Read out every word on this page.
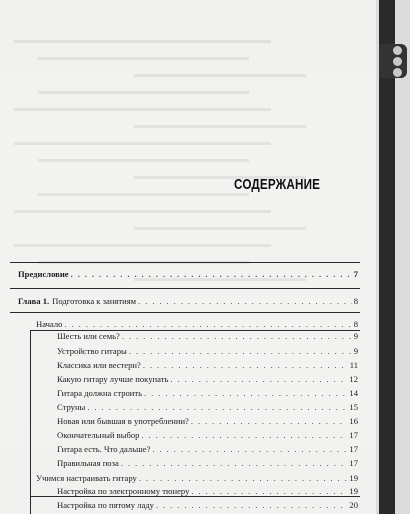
СОДЕРЖАНИЕ
Предисловие . . .	7
Глава 1. Подготовка к занятиям . . .	8
Начало . . .	8
Шесть или семь? . . .	9
Устройство гитары . . .	9
Классика или вестерн? . . .	11
Какую гитару лучше покупать . . .	12
Гитара должна строить . . .	14
Струны . . .	15
Новая или бывшая в употреблении? . . .	16
Окончательный выбор . . .	17
Гитара есть. Что дальше? . . .	17
Правильная поза . . .	17
Учимся настраивать гитару . . .	19
Настройка по электронному тюнеру . . .	19
Настройка по пятому ладу . . .	20
